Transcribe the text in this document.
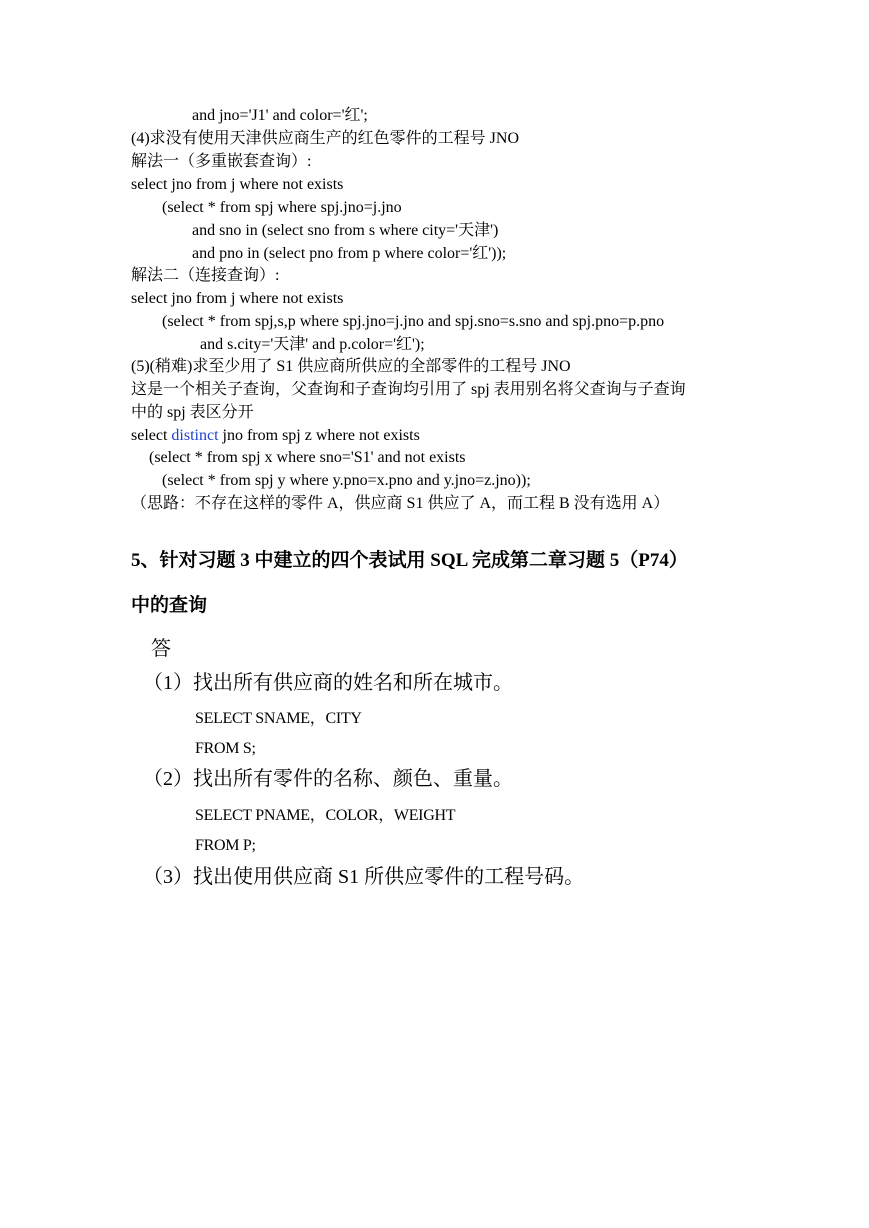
and jno='J1' and color='红';
(4)求没有使用天津供应商生产的红色零件的工程号 JNO
解法一（多重嵌套查询）:
select jno from j where not exists
(select * from spj where spj.jno=j.jno
and sno in (select sno from s where city='天津')
and pno in (select pno from p where color='红'));
解法二（连接查询）:
select jno from j where not exists
(select * from spj,s,p where spj.jno=j.jno and spj.sno=s.sno and spj.pno=p.pno
and s.city='天津' and p.color='红');
(5)(稍难)求至少用了 S1 供应商所供应的全部零件的工程号 JNO
这是一个相关子查询，父查询和子查询均引用了 spj 表用别名将父查询与子查询
中的 spj 表区分开
select distinct jno from spj z where not exists
(select * from spj x where sno='S1' and not exists
(select * from spj y where y.pno=x.pno and y.jno=z.jno));
（思路：不存在这样的零件 A，供应商 S1 供应了 A，而工程 B 没有选用 A）
5、针对习题 3 中建立的四个表试用 SQL 完成第二章习题 5（P74）
中的查询
答
（1）找出所有供应商的姓名和所在城市。
SELECT SNAME，CITY
FROM S;
（2）找出所有零件的名称、颜色、重量。
SELECT PNAME，COLOR，WEIGHT
FROM P;
（3）找出使用供应商 S1 所供应零件的工程号码。
